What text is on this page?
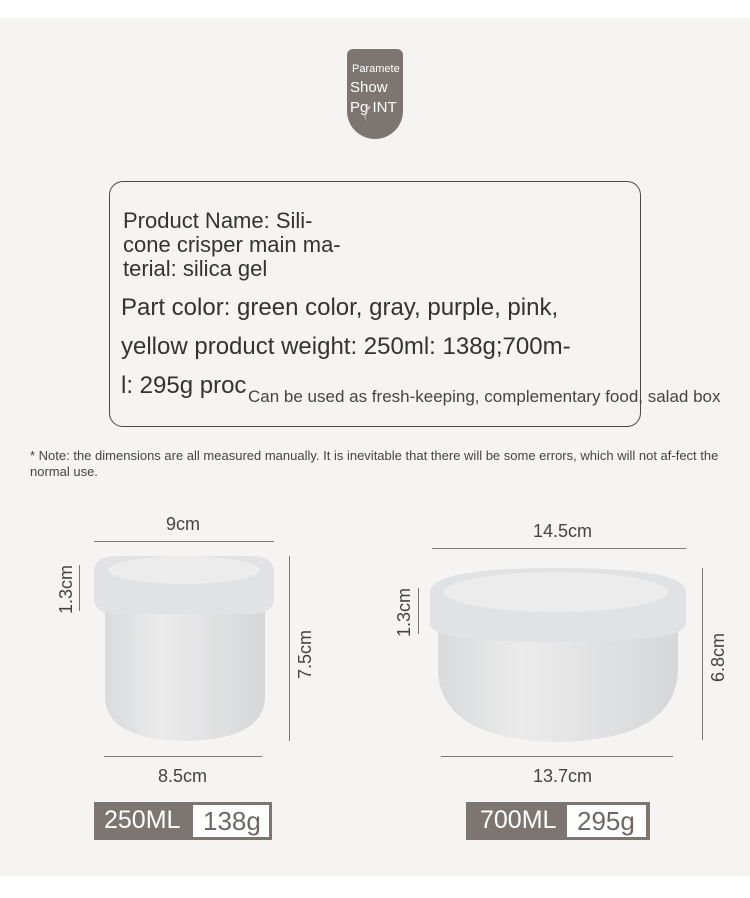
Paramete
Show
Pg INT
Product Name: Sili-
cone crisper main ma-
terial: silica gel
Part color: green color, gray, purple, pink,
yellow product weight: 250ml: 138g;700m-
l: 295g proc Can be used as fresh-keeping, complementary food, salad box
* Note: the dimensions are all measured manually. It is inevitable that there will be some errors, which will not af-fect the normal use.
9cm
1.3cm
7.5cm
8.5cm
250ML 138g
14.5cm
1.3cm
6.8cm
13.7cm
700ML 295g
